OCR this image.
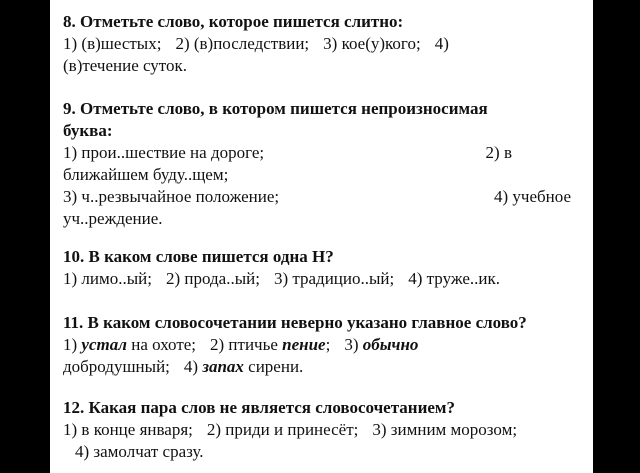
8. Отметьте слово, которое пишется слитно:
1) (в)шестых; 2) (в)последствии; 3) кое(у)кого; 4)
(в)течение суток.
9. Отметьте слово, в котором пишется непроизносимая
буква:
1) прои..шествие на дороге;	2) в
ближайшем буду..щем;
3) ч..резвычайное положение;	4) учебное
уч..реждение.
10. В каком слове пишется одна Н?
1) лимо..ый; 2) прода..ый; 3) традицио..ый; 4) труже..ик.
11. В каком словосочетании неверно указано главное слово?
1) устал на охоте; 2) птичье пение; 3) обычно
добродушный; 4) запах сирени.
12. Какая пара слов не является словосочетанием?
1) в конце января; 2) приди и принесёт; 3) зимним морозом;
4) замолчат сразу.
